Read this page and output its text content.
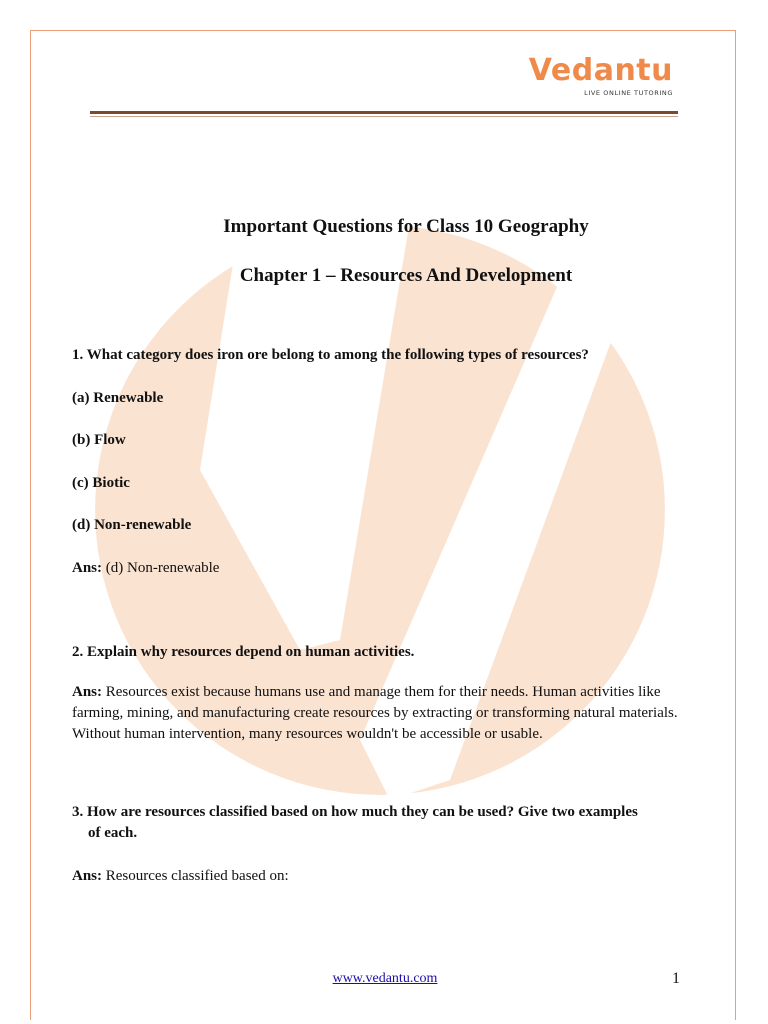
Vedantu
LIVE ONLINE TUTORING
Important Questions for Class 10 Geography
Chapter 1 – Resources And Development
1. What category does iron ore belong to among the following types of resources?
(a) Renewable
(b) Flow
(c) Biotic
(d) Non-renewable
Ans: (d) Non-renewable
2. Explain why resources depend on human activities.
Ans: Resources exist because humans use and manage them for their needs. Human activities like farming, mining, and manufacturing create resources by extracting or transforming natural materials. Without human intervention, many resources wouldn't be accessible or usable.
3. How are resources classified based on how much they can be used? Give two examples of each.
Ans: Resources classified based on:
www.vedantu.com	1
